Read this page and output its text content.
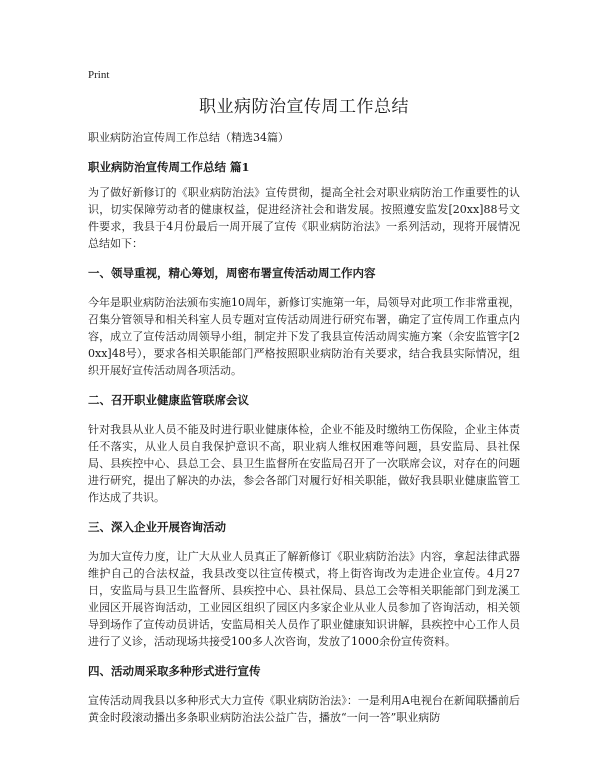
Print
职业病防治宣传周工作总结

职业病防治宣传周工作总结（精选34篇）

职业病防治宣传周工作总结 篇1

为了做好新修订的《职业病防治法》宣传贯彻，提高全社会对职业病防治工作重要性的认识，切实保障劳动者的健康权益，促进经济社会和谐发展。按照遵安监发[20xx]88号文件要求，我县于4月份最后一周开展了宣传《职业病防治法》一系列活动，现将开展情况总结如下：

一、领导重视，精心筹划，周密布署宣传活动周工作内容

今年是职业病防治法颁布实施10周年，新修订实施第一年，局领导对此项工作非常重视，召集分管领导和相关科室人员专题对宣传活动周进行研究布署，确定了宣传周工作重点内容，成立了宣传活动周领导小组，制定并下发了我县宣传活动周实施方案（余安监管字[20xx]48号），要求各相关职能部门严格按照职业病防治有关要求，结合我县实际情况，组织开展好宣传活动周各项活动。

二、召开职业健康监管联席会议

针对我县从业人员不能及时进行职业健康体检，企业不能及时缴纳工伤保险，企业主体责任不落实，从业人员自我保护意识不高，职业病人维权困难等问题，县安监局、县社保局、县疾控中心、县总工会、县卫生监督所在安监局召开了一次联席会议，对存在的问题进行研究，提出了解决的办法，参会各部门对履行好相关职能，做好我县职业健康监管工作达成了共识。

三、深入企业开展咨询活动

为加大宣传力度，让广大从业人员真正了解新修订《职业病防治法》内容，拿起法律武器维护自己的合法权益，我县改变以往宣传模式，将上街咨询改为走进企业宣传。4月27日，安监局与县卫生监督所、县疾控中心、县社保局、县总工会等相关职能部门到龙溪工业园区开展咨询活动，工业园区组织了园区内多家企业从业人员参加了咨询活动，相关领导到场作了宣传动员讲话，安监局相关人员作了职业健康知识讲解，县疾控中心工作人员进行了义诊，活动现场共接受100多人次咨询，发放了1000余份宣传资料。

四、活动周采取多种形式进行宣传

宣传活动周我县以多种形式大力宣传《职业病防治法》：一是利用A电视台在新闻联播前后黄金时段滚动播出多条职业病防治法公益广告，播放“一问一答”职业病防
